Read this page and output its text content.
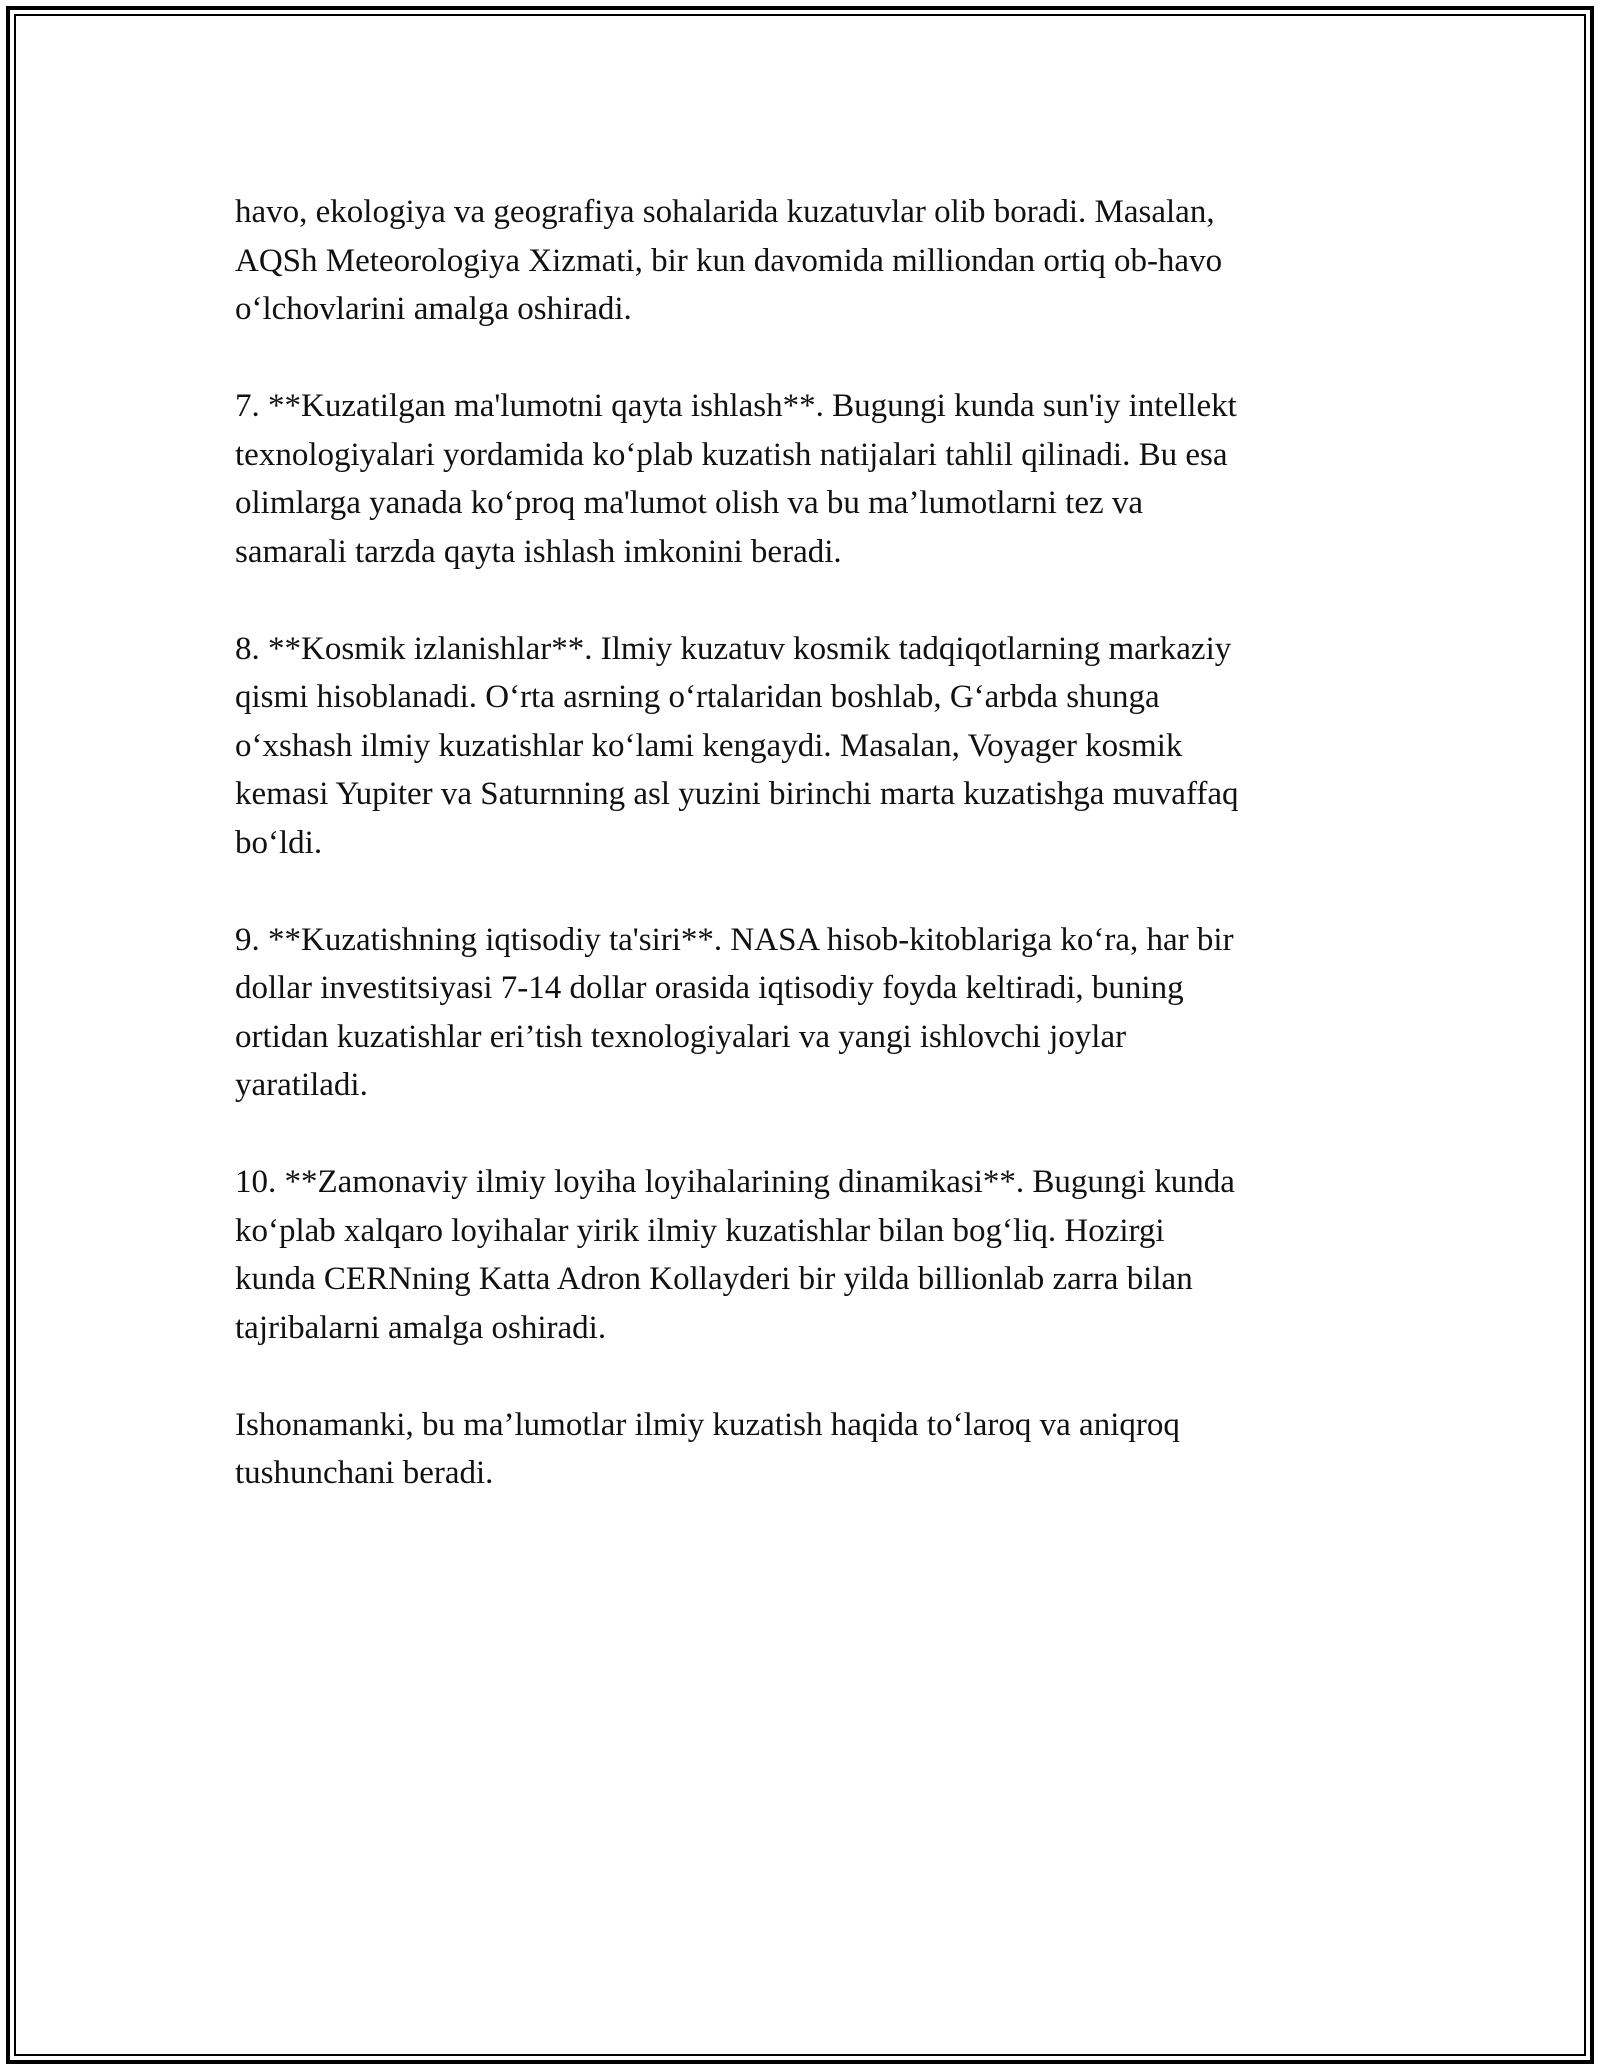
havo, ekologiya va geografiya sohalarida kuzatuvlar olib boradi. Masalan,
AQSh Meteorologiya Xizmati, bir kun davomida milliondan ortiq ob-havo
o‘lchovlarini amalga oshiradi.

7. **Kuzatilgan ma'lumotni qayta ishlash**. Bugungi kunda sun'iy intellekt
texnologiyalari yordamida ko‘plab kuzatish natijalari tahlil qilinadi. Bu esa
olimlarga yanada ko‘proq ma'lumot olish va bu ma’lumotlarni tez va
samarali tarzda qayta ishlash imkonini beradi.

8. **Kosmik izlanishlar**. Ilmiy kuzatuv kosmik tadqiqotlarning markaziy
qismi hisoblanadi. O‘rta asrning o‘rtalaridan boshlab, G‘arbda shunga
o‘xshash ilmiy kuzatishlar ko‘lami kengaydi. Masalan, Voyager kosmik
kemasi Yupiter va Saturnning asl yuzini birinchi marta kuzatishga muvaffaq
bo‘ldi.

9. **Kuzatishning iqtisodiy ta'siri**. NASA hisob-kitoblariga ko‘ra, har bir
dollar investitsiyasi 7-14 dollar orasida iqtisodiy foyda keltiradi, buning
ortidan kuzatishlar eri’tish texnologiyalari va yangi ishlovchi joylar
yaratiladi.

10. **Zamonaviy ilmiy loyiha loyihalarining dinamikasi**. Bugungi kunda
ko‘plab xalqaro loyihalar yirik ilmiy kuzatishlar bilan bog‘liq. Hozirgi
kunda CERNning Katta Adron Kollayderi bir yilda billionlab zarra bilan
tajribalarni amalga oshiradi.

Ishonamanki, bu ma’lumotlar ilmiy kuzatish haqida to‘laroq va aniqroq
tushunchani beradi.
